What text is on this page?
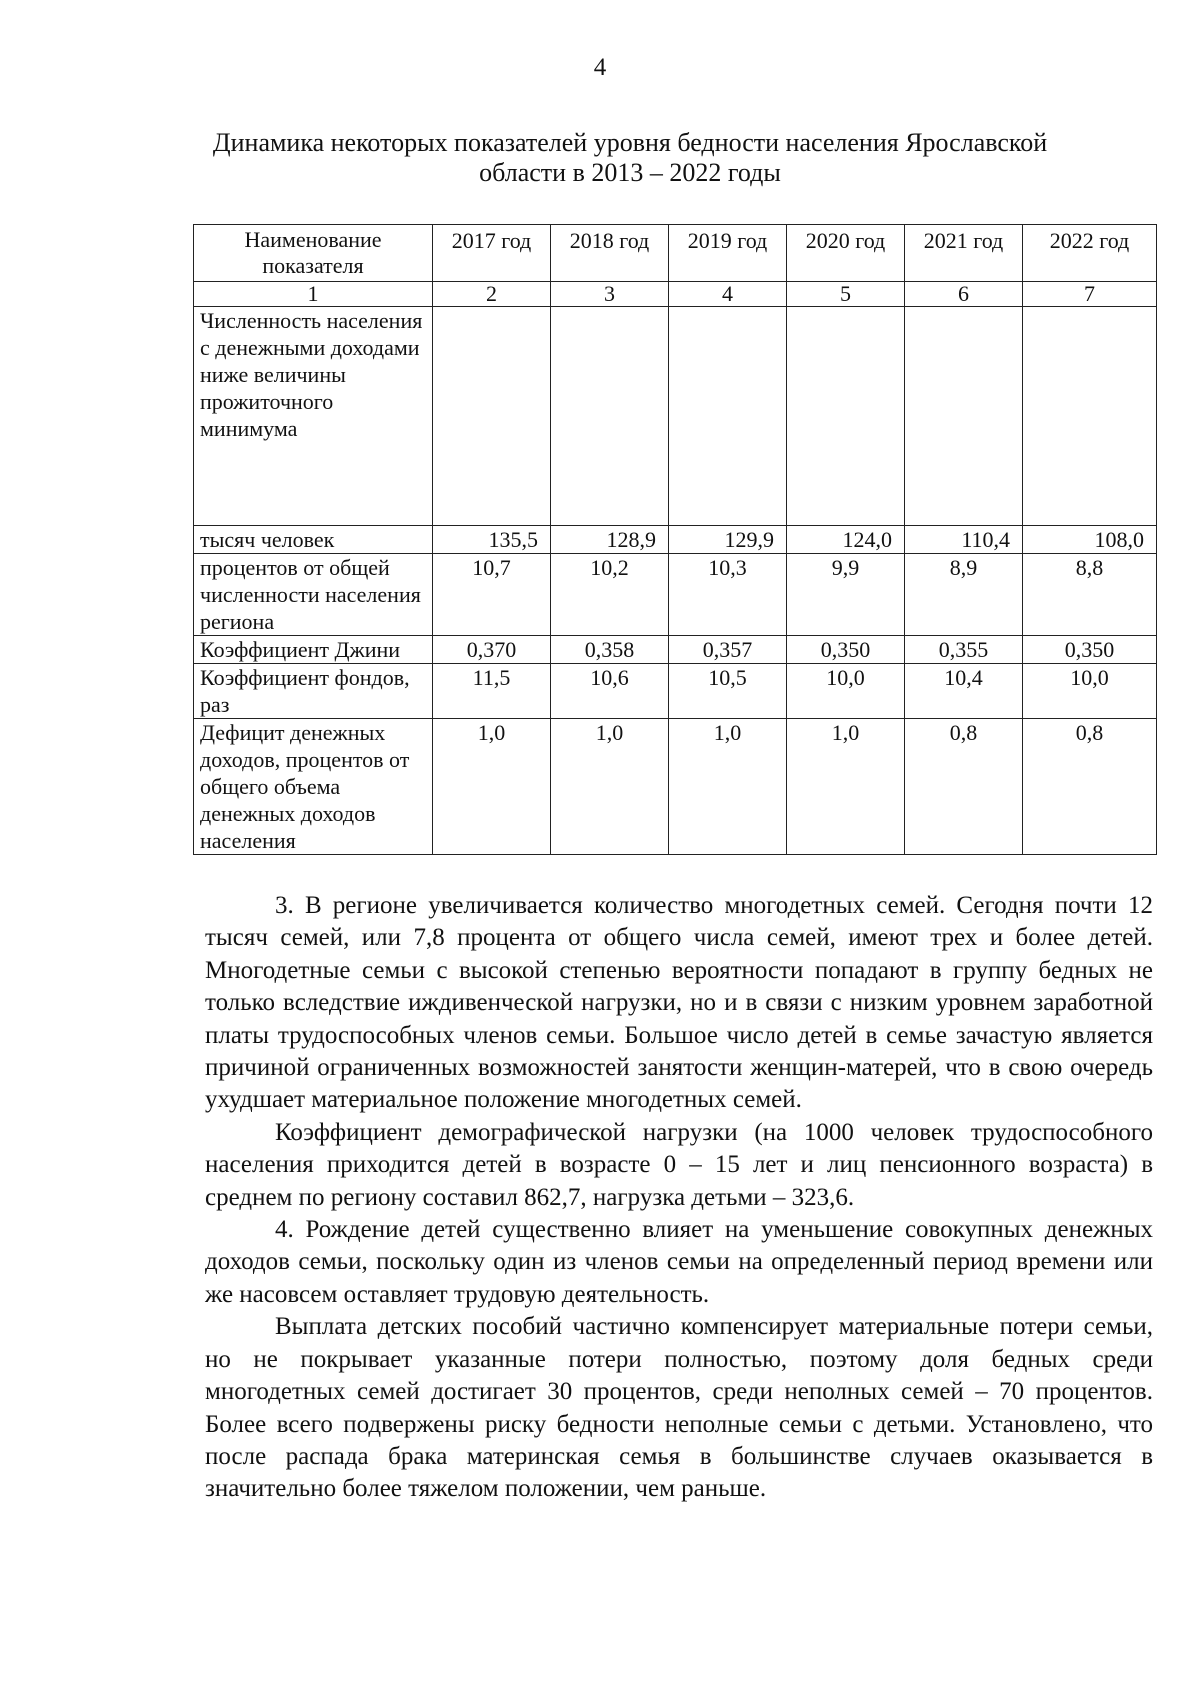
4
Динамика некоторых показателей уровня бедности населения Ярославской
области в 2013 – 2022 годы
Наименование показателя	2017 год	2018 год	2019 год	2020 год	2021 год	2022 год
1	2	3	4	5	6	7
Численность населения с денежными доходами ниже величины прожиточного минимума						
тысяч человек	135,5	128,9	129,9	124,0	110,4	108,0
процентов от общей численности населения региона	10,7	10,2	10,3	9,9	8,9	8,8
Коэффициент Джини	0,370	0,358	0,357	0,350	0,355	0,350
Коэффициент фондов, раз	11,5	10,6	10,5	10,0	10,4	10,0
Дефицит денежных доходов, процентов от общего объема денежных доходов населения	1,0	1,0	1,0	1,0	0,8	0,8

3. В регионе увеличивается количество многодетных семей. Сегодня почти 12 тысяч семей, или 7,8 процента от общего числа семей, имеют трех и более детей. Многодетные семьи с высокой степенью вероятности попадают в группу бедных не только вследствие иждивенческой нагрузки, но и в связи с низким уровнем заработной платы трудоспособных членов семьи. Большое число детей в семье зачастую является причиной ограниченных возможностей занятости женщин-матерей, что в свою очередь ухудшает материальное положение многодетных семей.

Коэффициент демографической нагрузки (на 1000 человек трудоспособного населения приходится детей в возрасте 0 – 15 лет и лиц пенсионного возраста) в среднем по региону составил 862,7, нагрузка детьми – 323,6.

4. Рождение детей существенно влияет на уменьшение совокупных денежных доходов семьи, поскольку один из членов семьи на определенный период времени или же насовсем оставляет трудовую деятельность.

Выплата детских пособий частично компенсирует материальные потери семьи, но не покрывает указанные потери полностью, поэтому доля бедных среди многодетных семей достигает 30 процентов, среди неполных семей – 70 процентов. Более всего подвержены риску бедности неполные семьи с детьми. Установлено, что после распада брака материнская семья в большинстве случаев оказывается в значительно более тяжелом положении, чем раньше.
